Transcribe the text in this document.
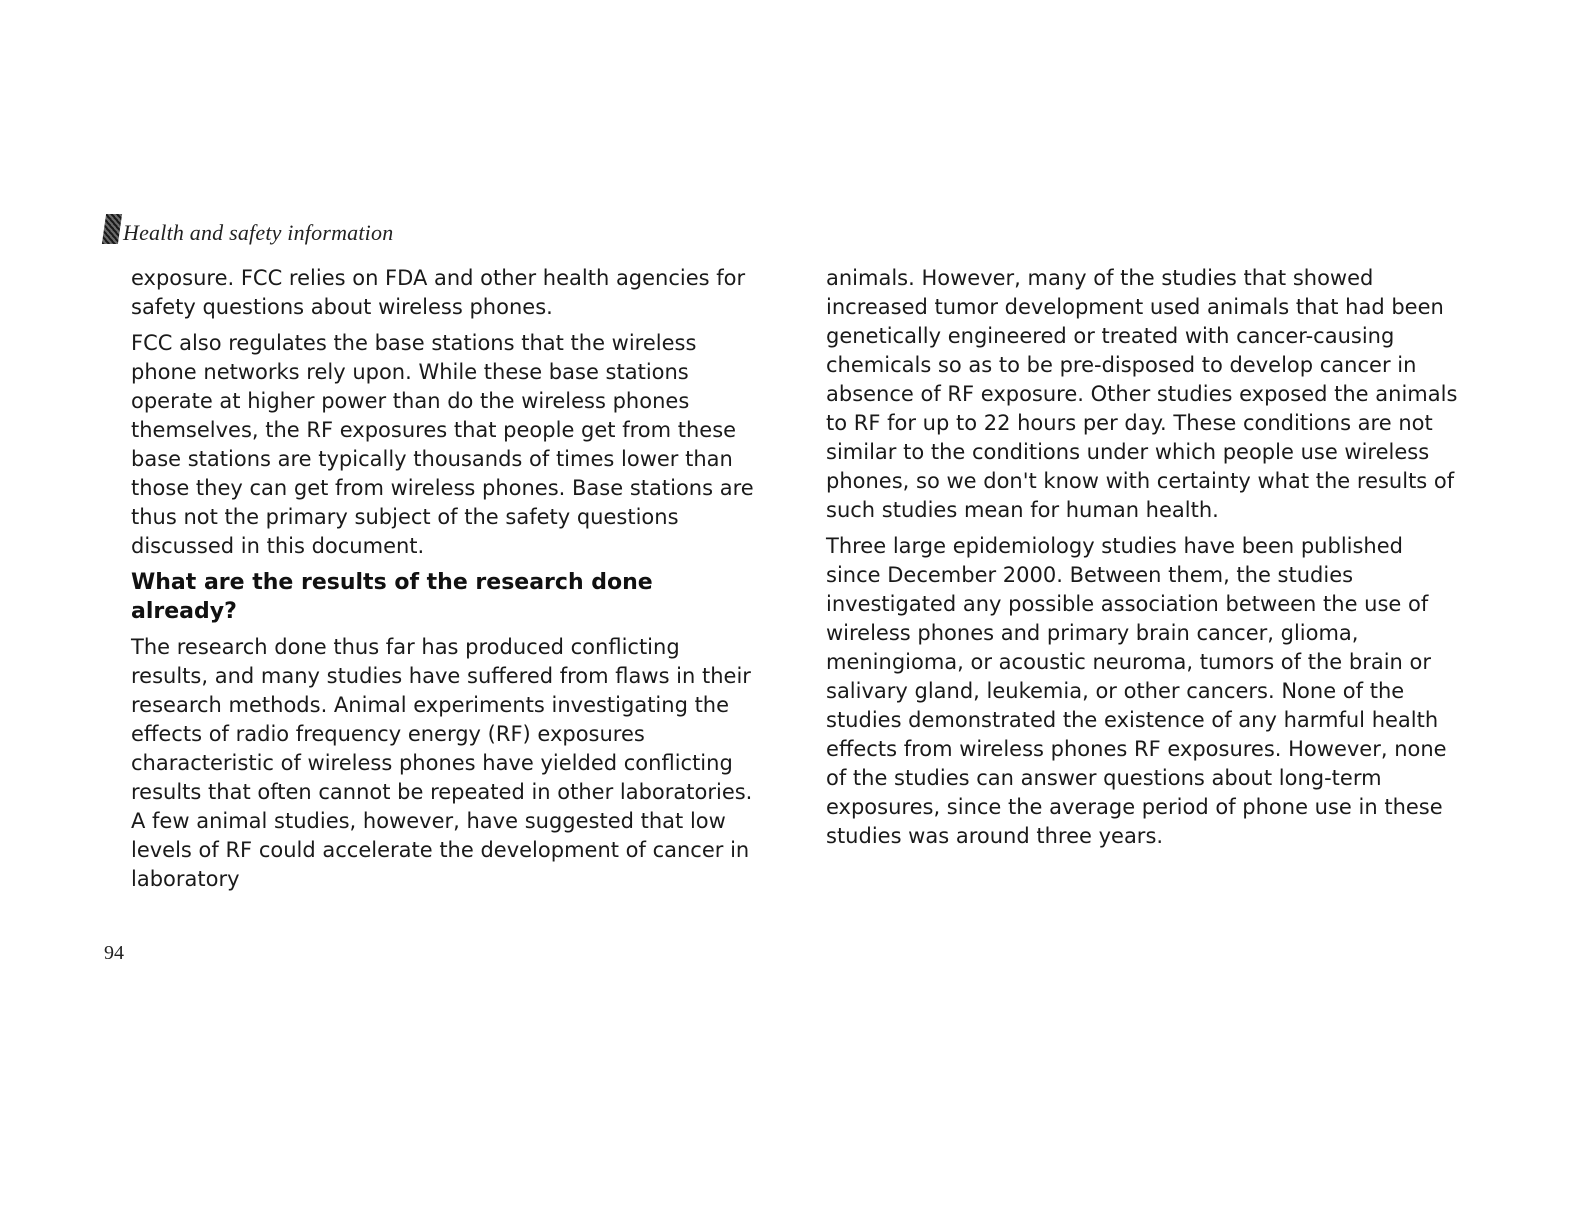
Health and safety information

exposure. FCC relies on FDA and other health agencies for safety questions about wireless phones.

FCC also regulates the base stations that the wireless phone networks rely upon. While these base stations operate at higher power than do the wireless phones themselves, the RF exposures that people get from these base stations are typically thousands of times lower than those they can get from wireless phones. Base stations are thus not the primary subject of the safety questions discussed in this document.

What are the results of the research done already?

The research done thus far has produced conflicting results, and many studies have suffered from flaws in their research methods. Animal experiments investigating the effects of radio frequency energy (RF) exposures characteristic of wireless phones have yielded conflicting results that often cannot be repeated in other laboratories. A few animal studies, however, have suggested that low levels of RF could accelerate the development of cancer in laboratory

animals. However, many of the studies that showed increased tumor development used animals that had been genetically engineered or treated with cancer-causing chemicals so as to be pre-disposed to develop cancer in absence of RF exposure. Other studies exposed the animals to RF for up to 22 hours per day. These conditions are not similar to the conditions under which people use wireless phones, so we don't know with certainty what the results of such studies mean for human health.

Three large epidemiology studies have been published since December 2000. Between them, the studies investigated any possible association between the use of wireless phones and primary brain cancer, glioma, meningioma, or acoustic neuroma, tumors of the brain or salivary gland, leukemia, or other cancers. None of the studies demonstrated the existence of any harmful health effects from wireless phones RF exposures. However, none of the studies can answer questions about long-term exposures, since the average period of phone use in these studies was around three years.

94
